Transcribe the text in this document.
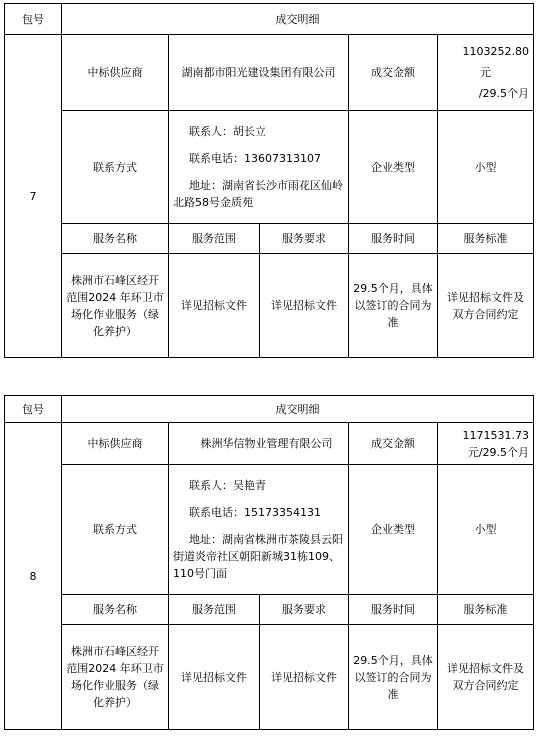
包号	成交明细				
7	中标供应商	湖南都市阳光建设集团有限公司		成交金额	1103252.80
元
/29.5个月

	联系方式	联系人：胡长立
联系电话：13607313107
地址：湖南省长沙市雨花区仙岭北路58号金质苑		企业类型	小型
	服务名称	服务范围	服务要求	服务时间	服务标准
	株洲市石峰区经开范围2024 年环卫市场化作业服务（绿化养护）	详见招标文件	详见招标文件	29.5个月，具体以签订的合同为准	详见招标文件及双方合同约定
包号	成交明细				
8	中标供应商	株洲华信物业管理有限公司		成交金额	1171531.73
元/29.5个月

	联系方式	联系人：吴艳青
联系电话：15173354131
地址：湖南省株洲市茶陵县云阳街道炎帝社区朝阳新城31栋109、110号门面		企业类型	小型
	服务名称	服务范围	服务要求	服务时间	服务标准
	株洲市石峰区经开范围2024 年环卫市场化作业服务（绿化养护）	详见招标文件	详见招标文件	29.5个月，具体以签订的合同为准	详见招标文件及双方合同约定
